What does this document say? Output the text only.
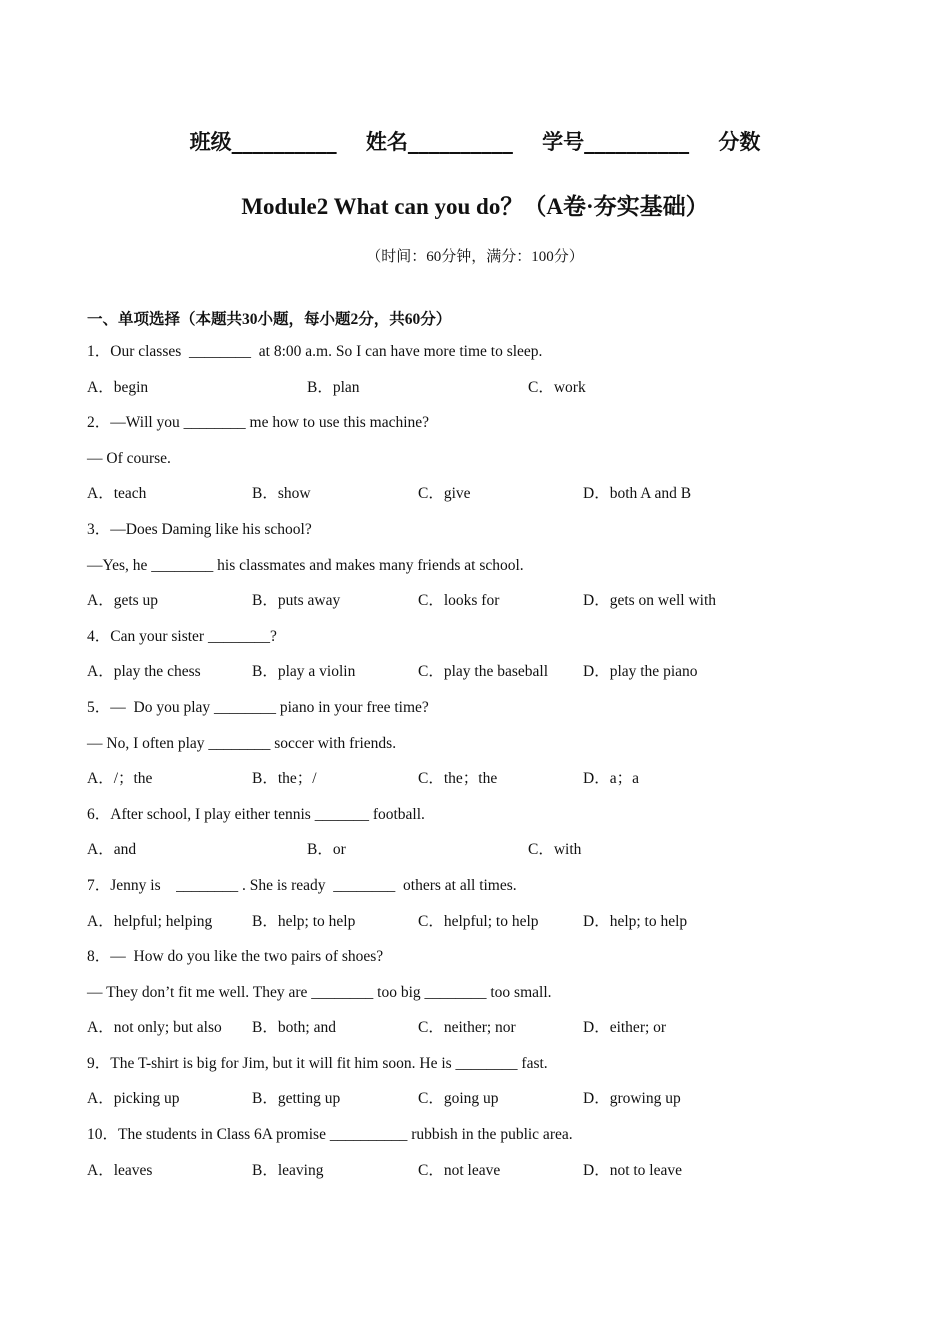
班级__________    姓名__________    学号__________    分数
Module2 What can you do？（A卷·夯实基础）
（时间：60分钟，满分：100分）
一、单项选择（本题共30小题，每小题2分，共60分）
1．Our classes  ________  at 8:00 a.m. So I can have more time to sleep.
A．begin	B．plan	C．work
2．—Will you ________ me how to use this machine?
— Of course.
A．teach	B．show	C．give	D．both A and B
3．—Does Daming like his school?
—Yes, he ________ his classmates and makes many friends at school.
A．gets up	B．puts away	C．looks for	D．gets on well with
4．Can your sister ________?
A．play the chess	B．play a violin	C．play the baseball D．play the piano
5．—  Do you play ________ piano in your free time?
— No, I often play ________ soccer with friends.
A．/；the	B．the；/	C．the；the	D．a；a
6．After school, I play either tennis _______ football.
A．and	B．or	C．with
7．Jenny is    ________ . She is ready  ________  others at all times.
A．helpful; helping	B．help; to help	C．helpful; to help	D．help; to help
8．—  How do you like the two pairs of shoes?
— They don’t fit me well. They are ________ too big ________ too small.
A．not only; but also B．both; and	C．neither; nor	D．either; or
9．The T-shirt is big for Jim, but it will fit him soon. He is ________ fast.
A．picking up	B．getting up	C．going up	D．growing up
10．The students in Class 6A promise __________ rubbish in the public area.
A．leaves	B．leaving	C．not leave	D．not to leave
